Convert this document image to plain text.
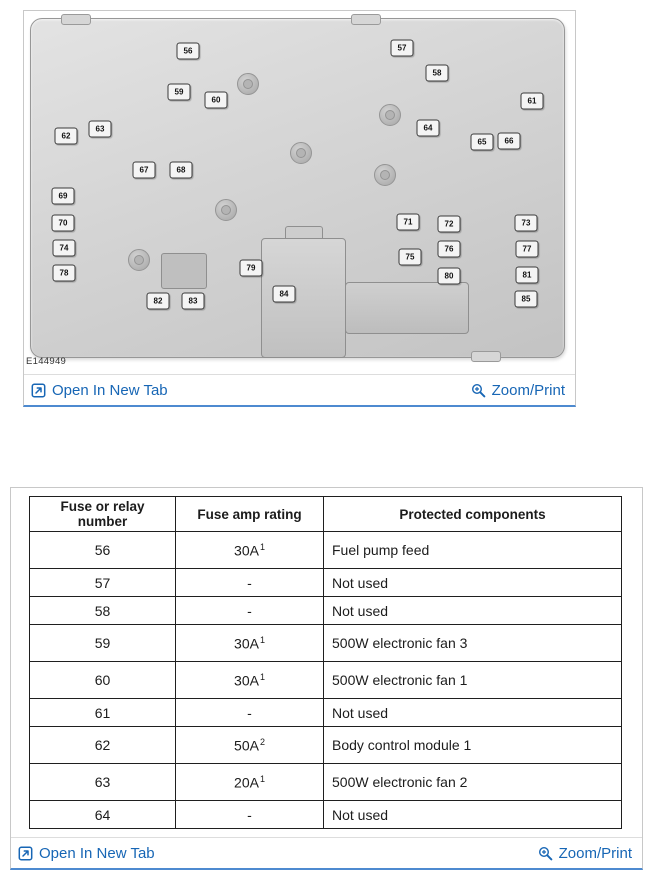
E144949
56	57
58
59
60	61
62
63	64
65	66
67	68
69
70	71	72	73
74
75
76	77
78
79
80	81
82	83
84
85
Open In New Tab	Zoom/Print
Fuse or relay number	Fuse amp rating	Protected components
56	$30A^1$	Fuel pump feed
57	-	Not used
58	-	Not used
59	$30A^1$	500W electronic fan 3
60	$30A^1$	500W electronic fan 1
61	-	Not used
62	$50A^2$	Body control module 1
63	$20A^1$	500W electronic fan 2
64	-	Not used
Open In New Tab	Zoom/Print
